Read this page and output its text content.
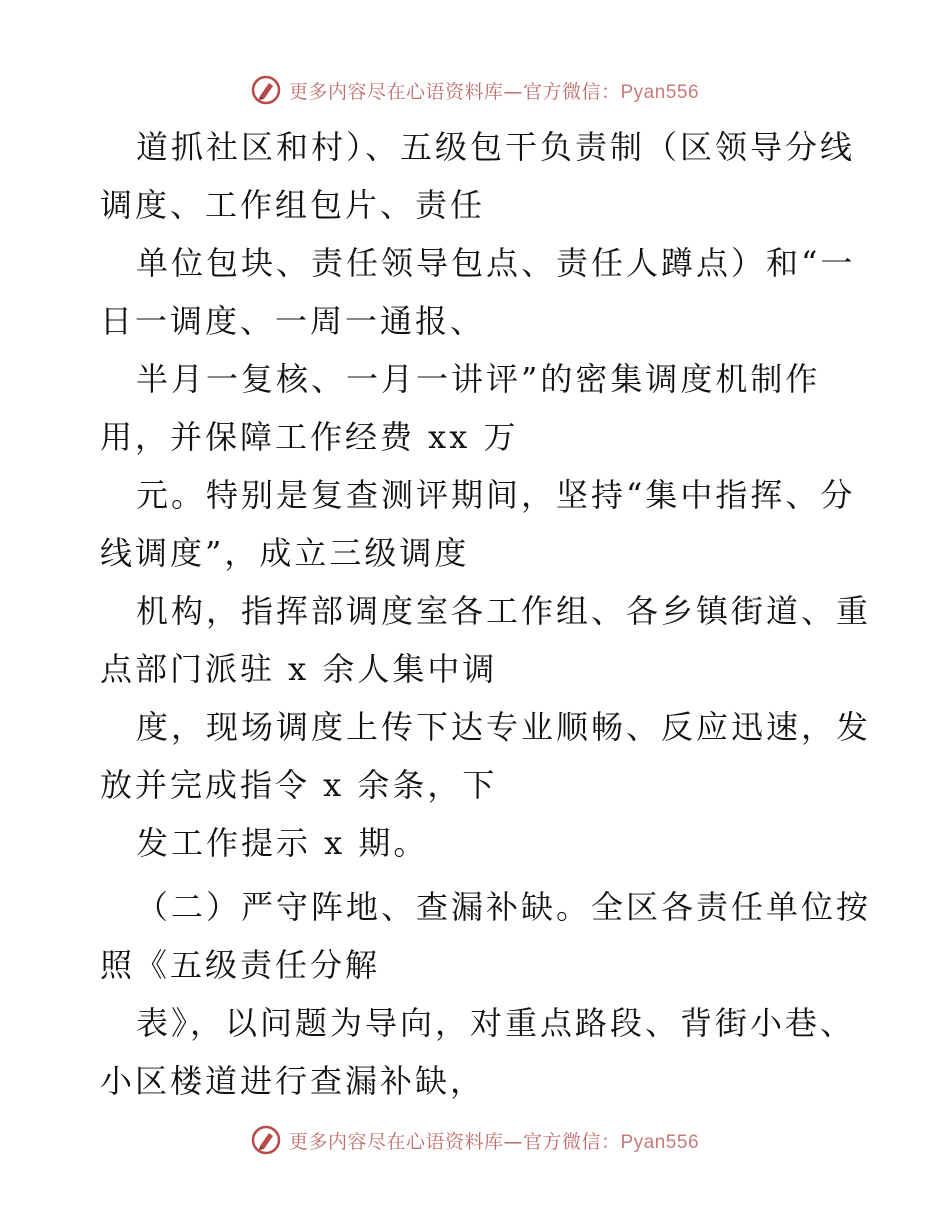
更多内容尽在心语资料库—官方微信：Pyan556
道抓社区和村）、五级包干负责制（区领导分线
调度、工作组包片、责任
单位包块、责任领导包点、责任人蹲点）和“一
日一调度、一周一通报、
半月一复核、一月一讲评”的密集调度机制作
用，并保障工作经费 xx 万
元。特别是复查测评期间，坚持“集中指挥、分
线调度”，成立三级调度
机构，指挥部调度室各工作组、各乡镇街道、重
点部门派驻 x 余人集中调
度，现场调度上传下达专业顺畅、反应迅速，发
放并完成指令 x 余条，下
发工作提示 x 期。
（二）严守阵地、查漏补缺。全区各责任单位按
照《五级责任分解
表》，以问题为导向，对重点路段、背街小巷、
小区楼道进行查漏补缺，
更多内容尽在心语资料库—官方微信：Pyan556
